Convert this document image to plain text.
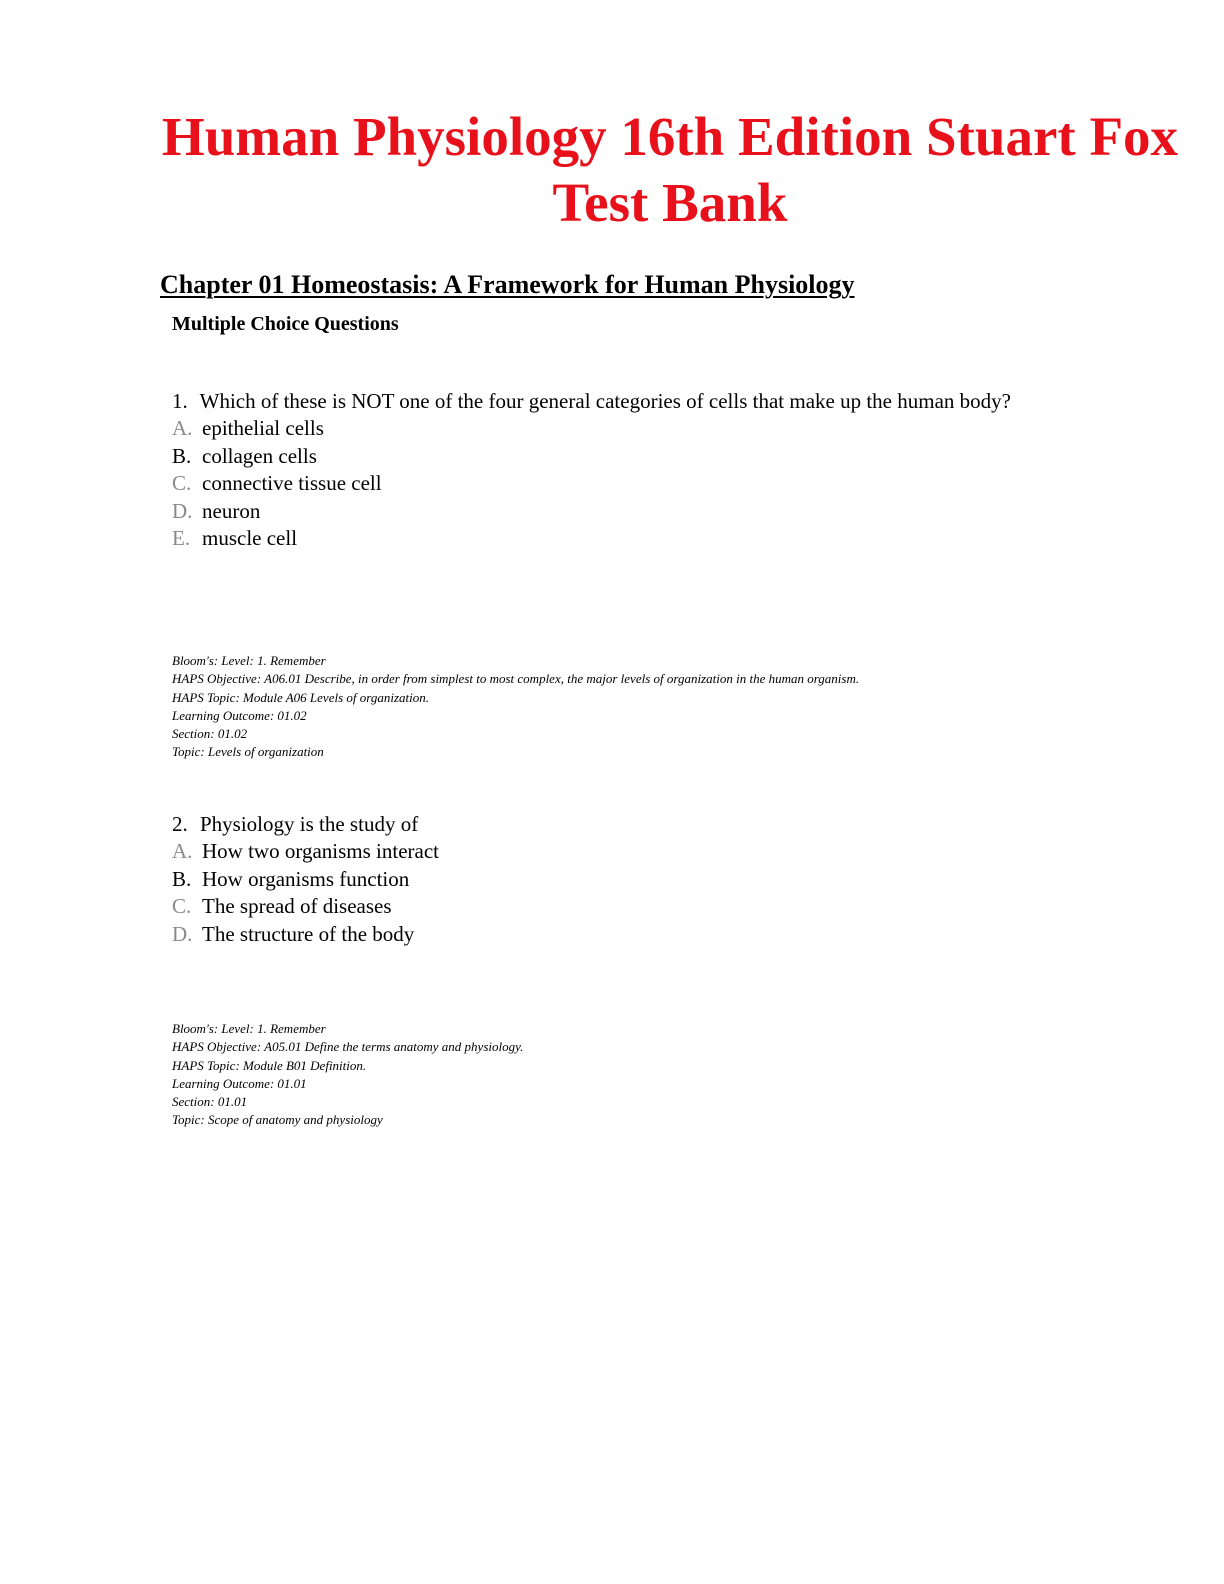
Human Physiology 16th Edition Stuart Fox Test Bank
Chapter 01 Homeostasis: A Framework for Human Physiology
Multiple Choice Questions

1. Which of these is NOT one of the four general categories of cells that make up the human body?

A. epithelial cells
B. collagen cells
C. connective tissue cell
D. neuron
E. muscle cell
Bloom's: Level: 1. Remember
HAPS Objective: A06.01 Describe, in order from simplest to most complex, the major levels of organization in the human organism.
HAPS Topic: Module A06 Levels of organization.
Learning Outcome: 01.02
Section: 01.02
Topic: Levels of organization

2. Physiology is the study of

A. How two organisms interact
B. How organisms function
C. The spread of diseases
D. The structure of the body
Bloom's: Level: 1. Remember
HAPS Objective: A05.01 Define the terms anatomy and physiology.
HAPS Topic: Module B01 Definition.
Learning Outcome: 01.01
Section: 01.01
Topic: Scope of anatomy and physiology
